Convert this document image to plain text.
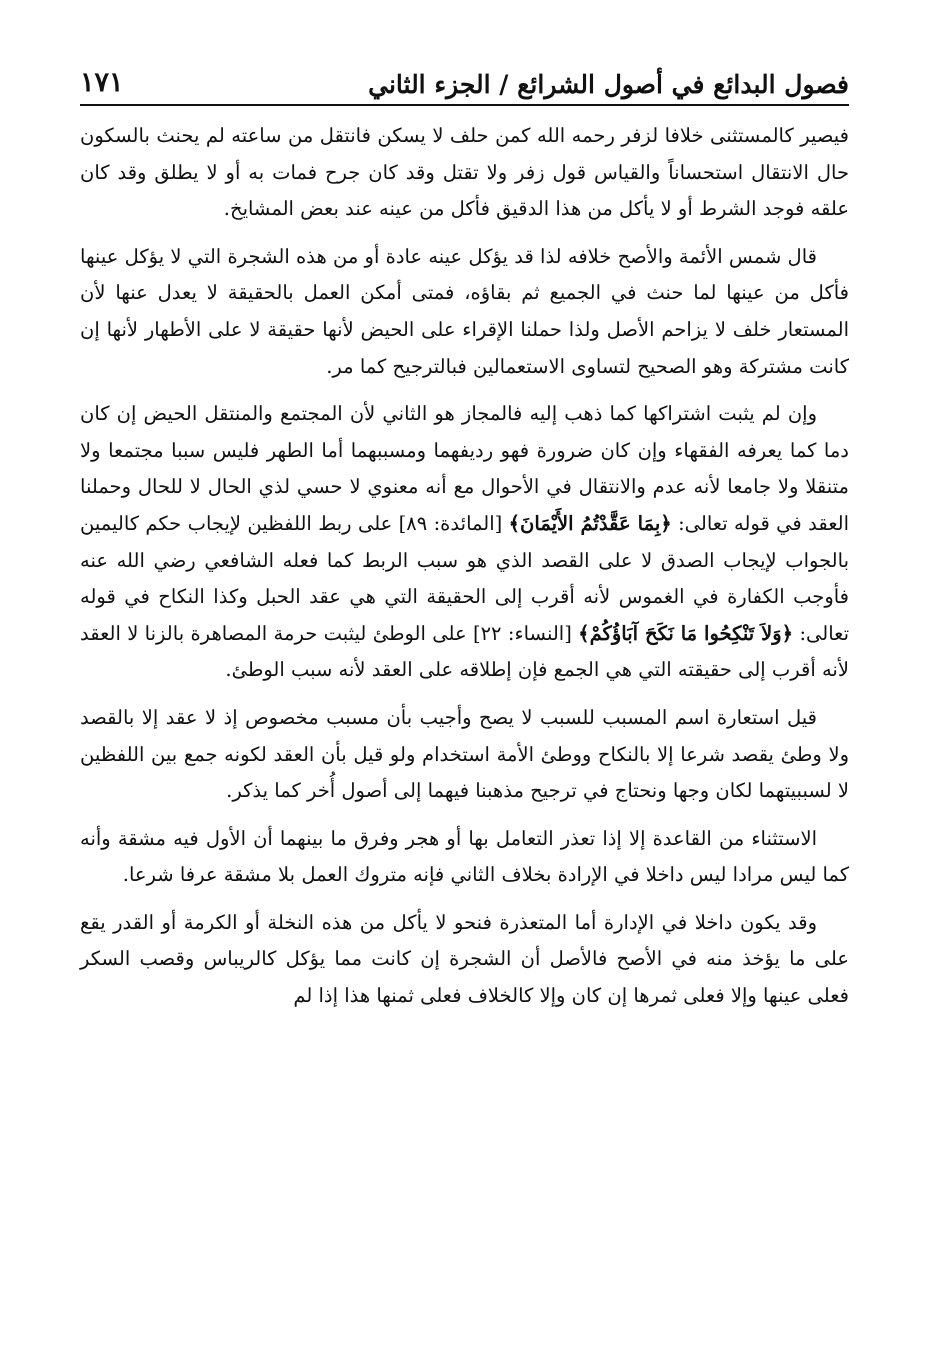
فصول البدائع في أصول الشرائع / الجزء الثاني
١٧١

فيصير كالمستثنى خلافا لزفر رحمه الله كمن حلف لا يسكن فانتقل من ساعته لم يحنث بالسكون حال الانتقال استحساناً والقياس قول زفر ولا تقتل وقد كان جرح فمات به أو لا يطلق وقد كان علقه فوجد الشرط أو لا يأكل من هذا الدقيق فأكل من عينه عند بعض المشايخ.

قال شمس الأئمة والأصح خلافه لذا قد يؤكل عينه عادة أو من هذه الشجرة التي لا يؤكل عينها فأكل من عينها لما حنث في الجميع ثم بقاؤه، فمتى أمكن العمل بالحقيقة لا يعدل عنها لأن المستعار خلف لا يزاحم الأصل ولذا حملنا الإقراء على الحيض لأنها حقيقة لا على الأطهار لأنها إن كانت مشتركة وهو الصحيح لتساوى الاستعمالين فبالترجيح كما مر.

وإن لم يثبت اشتراكها كما ذهب إليه فالمجاز هو الثاني لأن المجتمع والمنتقل الحيض إن كان دما كما يعرفه الفقهاء وإن كان ضرورة فهو رديفهما ومسببهما أما الطهر فليس سببا مجتمعا ولا متنقلا ولا جامعا لأنه عدم والانتقال في الأحوال مع أنه معنوي لا حسي لذي الحال لا للحال وحملنا العقد في قوله تعالى: ﴿بِمَا عَقَّدْتُمُ الأَيْمَانَ﴾ [المائدة: ٨٩] على ربط اللفظين لإيجاب حكم كاليمين بالجواب لإيجاب الصدق لا على القصد الذي هو سبب الربط كما فعله الشافعي رضي الله عنه فأوجب الكفارة في الغموس لأنه أقرب إلى الحقيقة التي هي عقد الحبل وكذا النكاح في قوله تعالى: ﴿وَلاَ تَنْكِحُوا مَا نَكَحَ آبَاؤُكُمْ﴾ [النساء: ٢٢] على الوطئ ليثبت حرمة المصاهرة بالزنا لا العقد لأنه أقرب إلى حقيقته التي هي الجمع فإن إطلاقه على العقد لأنه سبب الوطئ.

قيل استعارة اسم المسبب للسبب لا يصح وأجيب بأن مسبب مخصوص إذ لا عقد إلا بالقصد ولا وطئ يقصد شرعا إلا بالنكاح ووطئ الأمة استخدام ولو قيل بأن العقد لكونه جمع بين اللفظين لا لسببيتهما لكان وجها ونحتاج في ترجيح مذهبنا فيهما إلى أصول أُخر كما يذكر.

الاستثناء من القاعدة إلا إذا تعذر التعامل بها أو هجر وفرق ما بينهما أن الأول فيه مشقة وأنه كما ليس مرادا ليس داخلا في الإرادة بخلاف الثاني فإنه متروك العمل بلا مشقة عرفا شرعا.

وقد يكون داخلا في الإدارة أما المتعذرة فنحو لا يأكل من هذه النخلة أو الكرمة أو القدر يقع على ما يؤخذ منه في الأصح فالأصل أن الشجرة إن كانت مما يؤكل كالريباس وقصب السكر فعلى عينها وإلا فعلى ثمرها إن كان وإلا كالخلاف فعلى ثمنها هذا إذا لم
